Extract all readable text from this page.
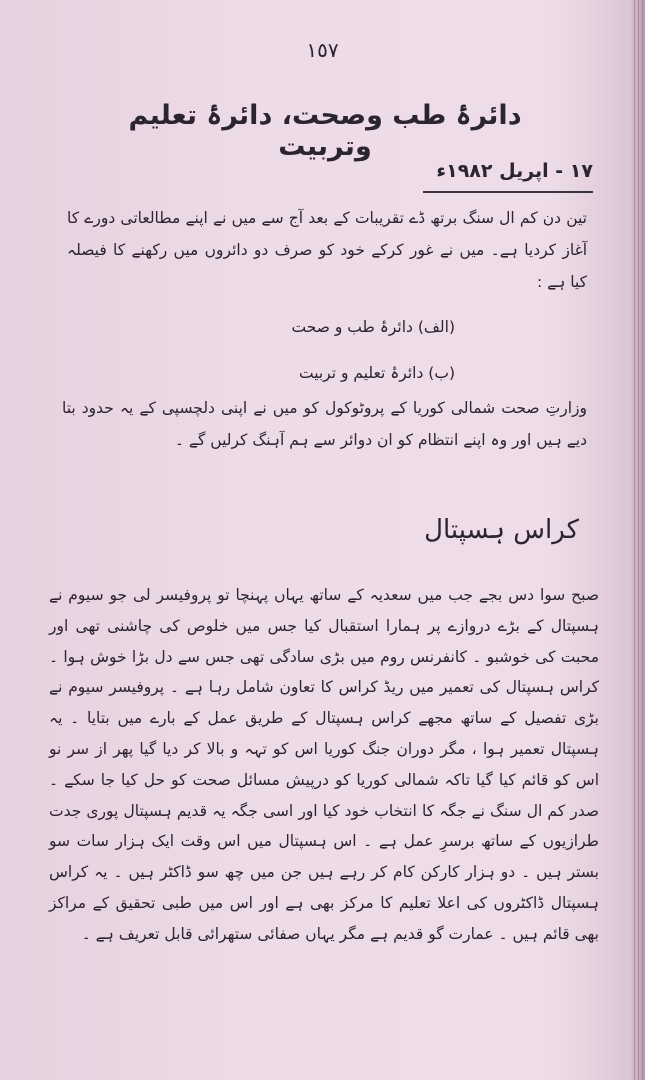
١٥٧
دائرۂ طب وصحت، دائرۂ تعلیم وتربیت
۱۷ - اپریل ۱۹۸۲ء
تین دن کم ال سنگ برتھ ڈے تقریبات کے بعد آج سے میں نے اپنے مطالعاتی دورے کا آغاز کردیا ہے۔ میں نے غور کرکے خود کو صرف دو دائروں میں رکھنے کا فیصلہ کیا ہے :
(الف) دائرۂ طب و صحت
(ب) دائرۂ تعلیم و تربیت
وزارتِ صحت شمالی کوریا کے پروٹوکول کو میں نے اپنی دلچسپی کے یہ حدود بتا دیے ہیں اور وہ اپنے انتظام کو ان دوائر سے ہم آہنگ کرلیں گے ۔
کراس ہسپتال
صبح سوا دس بجے جب میں سعدیہ کے ساتھ یہاں پہنچا تو پروفیسر لی جو سیوم نے ہسپتال کے بڑے دروازے پر ہمارا استقبال کیا جس میں خلوص کی چاشنی تھی اور محبت کی خوشبو ۔ کانفرنس روم میں بڑی سادگی تھی جس سے دل بڑا خوش ہوا ۔ کراس ہسپتال کی تعمیر میں ریڈ کراس کا تعاون شامل رہا ہے ۔ پروفیسر سیوم نے بڑی تفصیل کے ساتھ مجھے کراس ہسپتال کے طریق عمل کے بارے میں بتایا ۔ یہ ہسپتال تعمیر ہوا ، مگر دوران جنگ کوریا اس کو تہہ و بالا کر دیا گیا پھر از سر نو اس کو قائم کیا گیا تاکہ شمالی کوریا کو درپیش مسائل صحت کو حل کیا جا سکے ۔ صدر کم ال سنگ نے جگہ کا انتخاب خود کیا اور اسی جگہ یہ قدیم ہسپتال پوری جدت طرازیوں کے ساتھ برسرِ عمل ہے ۔ اس ہسپتال میں اس وقت ایک ہزار سات سو بستر ہیں ۔ دو ہزار کارکن کام کر رہے ہیں جن میں چھ سو ڈاکٹر ہیں ۔ یہ کراس ہسپتال ڈاکٹروں کی اعلا تعلیم کا مرکز بھی ہے اور اس میں طبی تحقیق کے مراکز بھی قائم ہیں ۔ عمارت گو قدیم ہے مگر یہاں صفائی ستھرائی قابل تعریف ہے ۔
